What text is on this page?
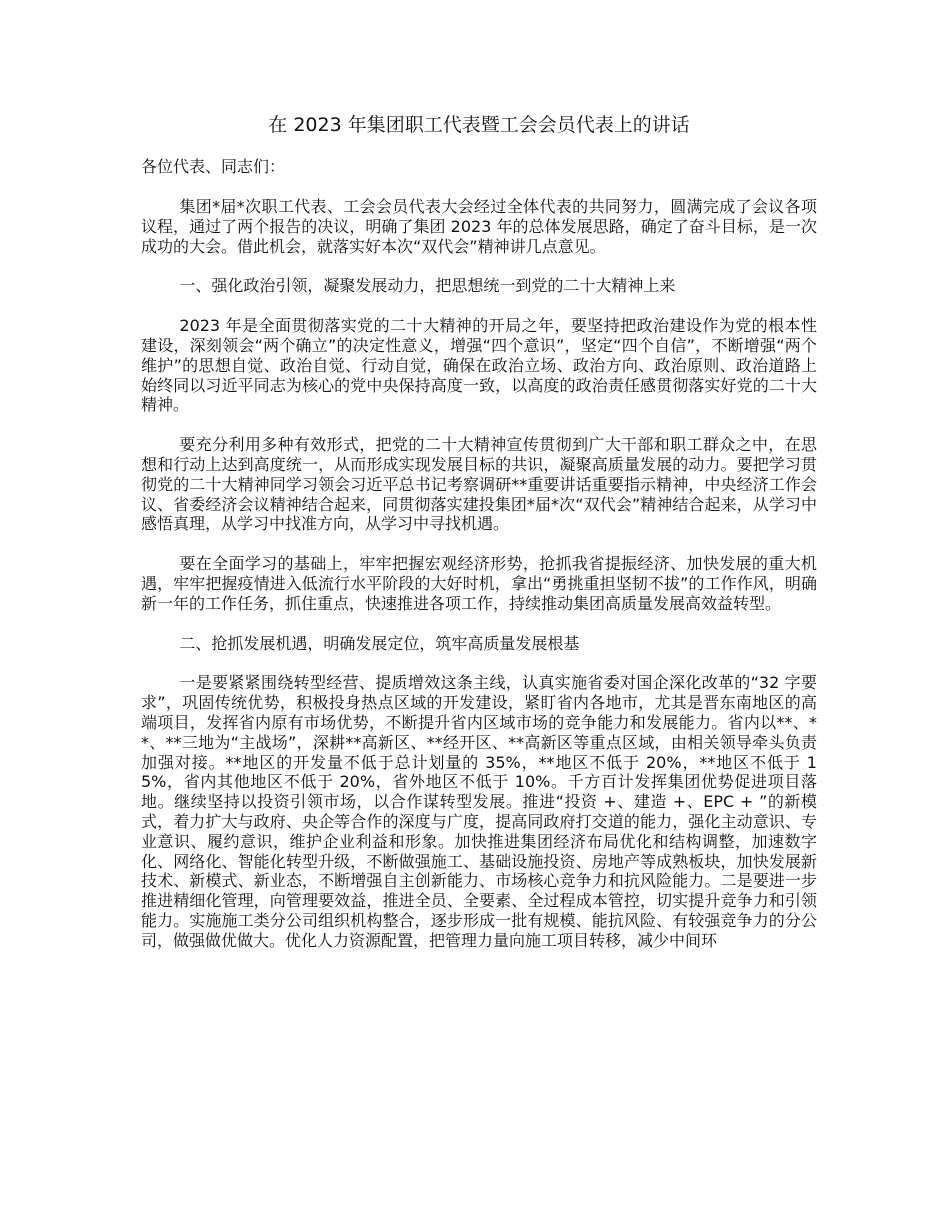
在 2023 年集团职工代表暨工会会员代表上的讲话
各位代表、同志们：

集团*届*次职工代表、工会会员代表大会经过全体代表的共同努力，圆满完成了会议各项议程，通过了两个报告的决议，明确了集团 2023 年的总体发展思路，确定了奋斗目标，是一次成功的大会。借此机会，就落实好本次“双代会”精神讲几点意见。

一、强化政治引领，凝聚发展动力，把思想统一到党的二十大精神上来

2023 年是全面贯彻落实党的二十大精神的开局之年，要坚持把政治建设作为党的根本性建设，深刻领会“两个确立”的决定性意义，增强“四个意识”，坚定“四个自信”，不断增强“两个维护”的思想自觉、政治自觉、行动自觉，确保在政治立场、政治方向、政治原则、政治道路上始终同以习近平同志为核心的党中央保持高度一致，以高度的政治责任感贯彻落实好党的二十大精神。

要充分利用多种有效形式，把党的二十大精神宣传贯彻到广大干部和职工群众之中，在思想和行动上达到高度统一，从而形成实现发展目标的共识，凝聚高质量发展的动力。要把学习贯彻党的二十大精神同学习领会习近平总书记考察调研**重要讲话重要指示精神，中央经济工作会议、省委经济会议精神结合起来，同贯彻落实建投集团*届*次“双代会”精神结合起来，从学习中感悟真理，从学习中找准方向，从学习中寻找机遇。

要在全面学习的基础上，牢牢把握宏观经济形势，抢抓我省提振经济、加快发展的重大机遇，牢牢把握疫情进入低流行水平阶段的大好时机，拿出“勇挑重担坚韧不拔”的工作作风，明确新一年的工作任务，抓住重点，快速推进各项工作，持续推动集团高质量发展高效益转型。

二、抢抓发展机遇，明确发展定位，筑牢高质量发展根基

一是要紧紧围绕转型经营、提质增效这条主线，认真实施省委对国企深化改革的“32 字要求”，巩固传统优势，积极投身热点区域的开发建设，紧盯省内各地市，尤其是晋东南地区的高端项目，发挥省内原有市场优势，不断提升省内区域市场的竞争能力和发展能力。省内以**、**、**三地为“主战场”，深耕**高新区、**经开区、**高新区等重点区域，由相关领导牵头负责加强对接。**地区的开发量不低于总计划量的 35%，**地区不低于 20%，**地区不低于 15%，省内其他地区不低于 20%，省外地区不低于 10%。千方百计发挥集团优势促进项目落地。继续坚持以投资引领市场，以合作谋转型发展。推进“投资 +、建造 +、EPC + ”的新模式，着力扩大与政府、央企等合作的深度与广度，提高同政府打交道的能力，强化主动意识、专业意识、履约意识，维护企业利益和形象。加快推进集团经济布局优化和结构调整，加速数字化、网络化、智能化转型升级，不断做强施工、基础设施投资、房地产等成熟板块，加快发展新技术、新模式、新业态，不断增强自主创新能力、市场核心竞争力和抗风险能力。二是要进一步推进精细化管理，向管理要效益，推进全员、全要素、全过程成本管控，切实提升竞争力和引领能力。实施施工类分公司组织机构整合，逐步形成一批有规模、能抗风险、有较强竞争力的分公司，做强做优做大。优化人力资源配置，把管理力量向施工项目转移，减少中间环
